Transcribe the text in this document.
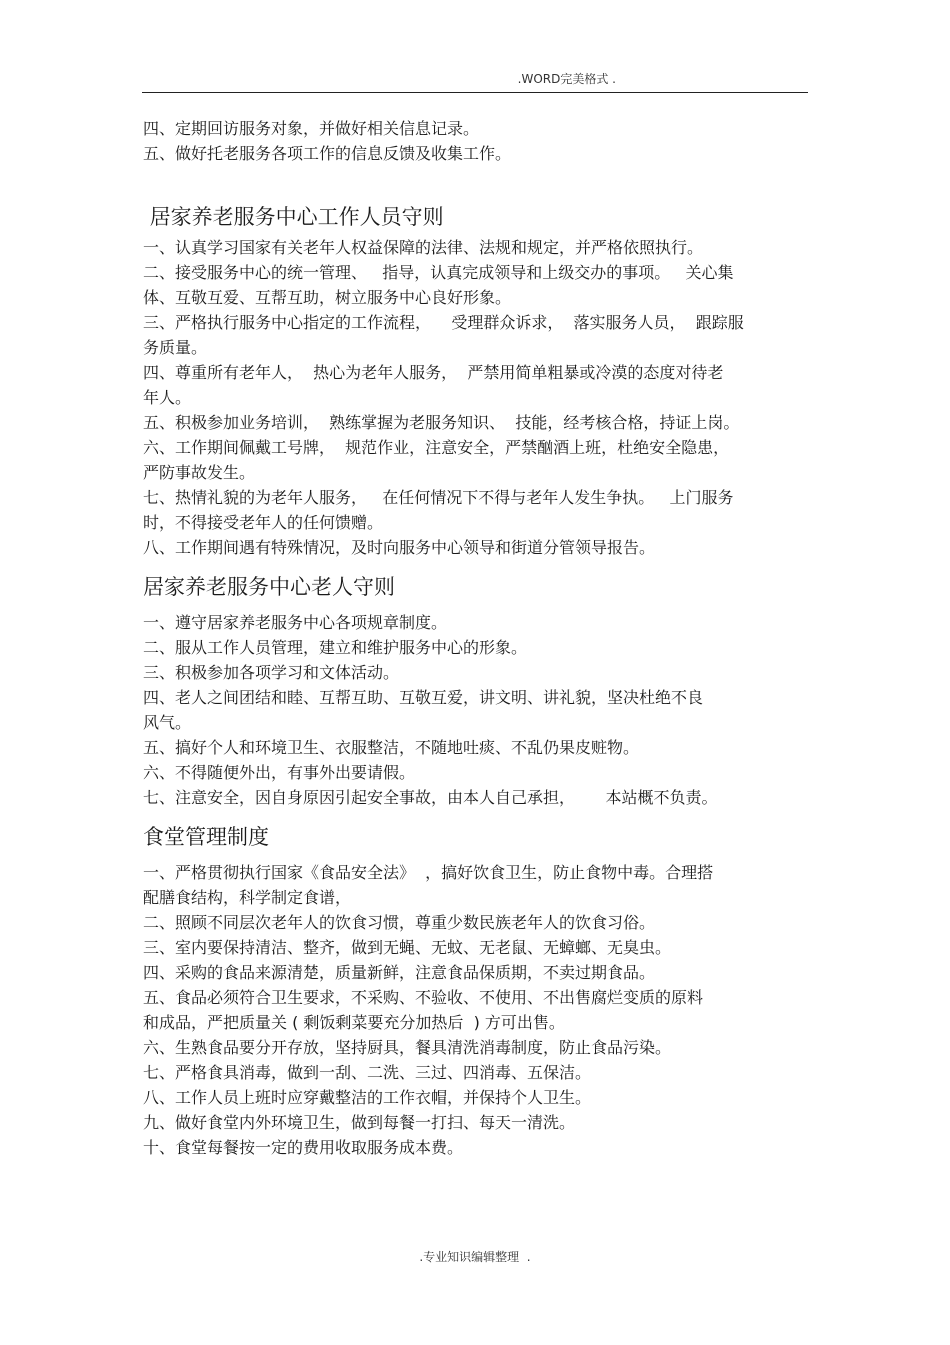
.WORD完美格式 .
四、定期回访服务对象，并做好相关信息记录。
五、做好托老服务各项工作的信息反馈及收集工作。
居家养老服务中心工作人员守则
一、认真学习国家有关老年人权益保障的法律、法规和规定，并严格依照执行。
二、接受服务中心的统一管理、   指导，认真完成领导和上级交办的事项。   关心集
体、互敬互爱、互帮互助，树立服务中心良好形象。
三、严格执行服务中心指定的工作流程，    受理群众诉求，  落实服务人员，  跟踪服
务质量。
四、尊重所有老年人，  热心为老年人服务，  严禁用简单粗暴或冷漠的态度对待老
年人。
五、积极参加业务培训，  熟练掌握为老服务知识、  技能，经考核合格，持证上岗。
六、工作期间佩戴工号牌，  规范作业，注意安全，严禁酗酒上班，杜绝安全隐患，
严防事故发生。
七、热情礼貌的为老年人服务，   在任何情况下不得与老年人发生争执。   上门服务
时，不得接受老年人的任何馈赠。
八、工作期间遇有特殊情况，及时向服务中心领导和街道分管领导报告。
居家养老服务中心老人守则
一、遵守居家养老服务中心各项规章制度。
二、服从工作人员管理，建立和维护服务中心的形象。
三、积极参加各项学习和文体活动。
四、老人之间团结和睦、互帮互助、互敬互爱，讲文明、讲礼貌，坚决杜绝不良
风气。
五、搞好个人和环境卫生、衣服整洁，不随地吐痰、不乱仍果皮赃物。
六、不得随便外出，有事外出要请假。
七、注意安全，因自身原因引起安全事故，由本人自己承担，      本站概不负责。
食堂管理制度
一、严格贯彻执行国家《食品安全法》  ，搞好饮食卫生，防止食物中毒。合理搭
配膳食结构，科学制定食谱，
二、照顾不同层次老年人的饮食习惯，尊重少数民族老年人的饮食习俗。
三、室内要保持清洁、整齐，做到无蝇、无蚊、无老鼠、无蟑螂、无臭虫。
四、采购的食品来源清楚，质量新鲜，注意食品保质期，不卖过期食品。
五、食品必须符合卫生要求，不采购、不验收、不使用、不出售腐烂变质的原料
和成品，严把质量关 ( 剩饭剩菜要充分加热后  ) 方可出售。
六、生熟食品要分开存放，坚持厨具，餐具清洗消毒制度，防止食品污染。
七、严格食具消毒，做到一刮、二洗、三过、四消毒、五保洁。
八、工作人员上班时应穿戴整洁的工作衣帽，并保持个人卫生。
九、做好食堂内外环境卫生，做到每餐一打扫、每天一清洗。
十、食堂每餐按一定的费用收取服务成本费。
.专业知识编辑整理  .
